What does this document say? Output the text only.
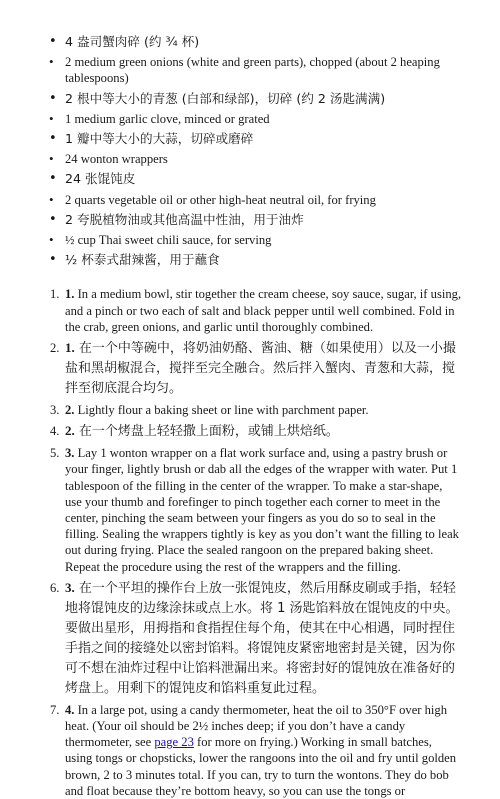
• 4 盎司蟹肉碎 (约 ¾ 杯)
• 2 medium green onions (white and green parts), chopped (about 2 heaping tablespoons)
• 2 根中等大小的青葱 (白部和绿部)，切碎 (约 2 汤匙满满)
• 1 medium garlic clove, minced or grated
• 1 瓣中等大小的大蒜，切碎或磨碎
• 24 wonton wrappers
• 24 张馄饨皮
• 2 quarts vegetable oil or other high-heat neutral oil, for frying
• 2 夸脱植物油或其他高温中性油，用于油炸
• ½ cup Thai sweet chili sauce, for serving
• ½ 杯泰式甜辣酱，用于蘸食
1. 1. In a medium bowl, stir together the cream cheese, soy sauce, sugar, if using, and a pinch or two each of salt and black pepper until well combined. Fold in the crab, green onions, and garlic until thoroughly combined.
2. 1. 在一个中等碗中，将奶油奶酪、酱油、糖（如果使用）以及一小撮盐和黑胡椒混合，搅拌至完全融合。然后拌入蟹肉、青葱和大蒜，搅拌至彻底混合均匀。
3. 2. Lightly flour a baking sheet or line with parchment paper.
4. 2. 在一个烤盘上轻轻撒上面粉，或铺上烘焙纸。
5. 3. Lay 1 wonton wrapper on a flat work surface and, using a pastry brush or your finger, lightly brush or dab all the edges of the wrapper with water. Put 1 tablespoon of the filling in the center of the wrapper. To make a star-shape, use your thumb and forefinger to pinch together each corner to meet in the center, pinching the seam between your fingers as you do so to seal in the filling. Sealing the wrappers tightly is key as you don’t want the filling to leak out during frying. Place the sealed rangoon on the prepared baking sheet. Repeat the procedure using the rest of the wrappers and the filling.
6. 3. 在一个平坦的操作台上放一张馄饨皮，然后用酥皮刷或手指，轻轻地将馄饨皮的边缘涂抹或点上水。将 1 汤匙馅料放在馄饨皮的中央。要做出星形，用拇指和食指捏住每个角，使其在中心相遇，同时捏住手指之间的接缝处以密封馅料。将馄饨皮紧密地密封是关键，因为你可不想在油炸过程中让馅料泄漏出来。将密封好的馄饨放在准备好的烤盘上。用剩下的馄饨皮和馅料重复此过程。
7. 4. In a large pot, using a candy thermometer, heat the oil to 350°F over high heat. (Your oil should be 2½ inches deep; if you don’t have a candy thermometer, see page 23 for more on frying.) Working in small batches, using tongs or chopsticks, lower the rangoons into the oil and fry until golden brown, 2 to 3 minutes total. If you can, try to turn the wontons. They do bob and float because they’re bottom heavy, so you can use the tongs or
